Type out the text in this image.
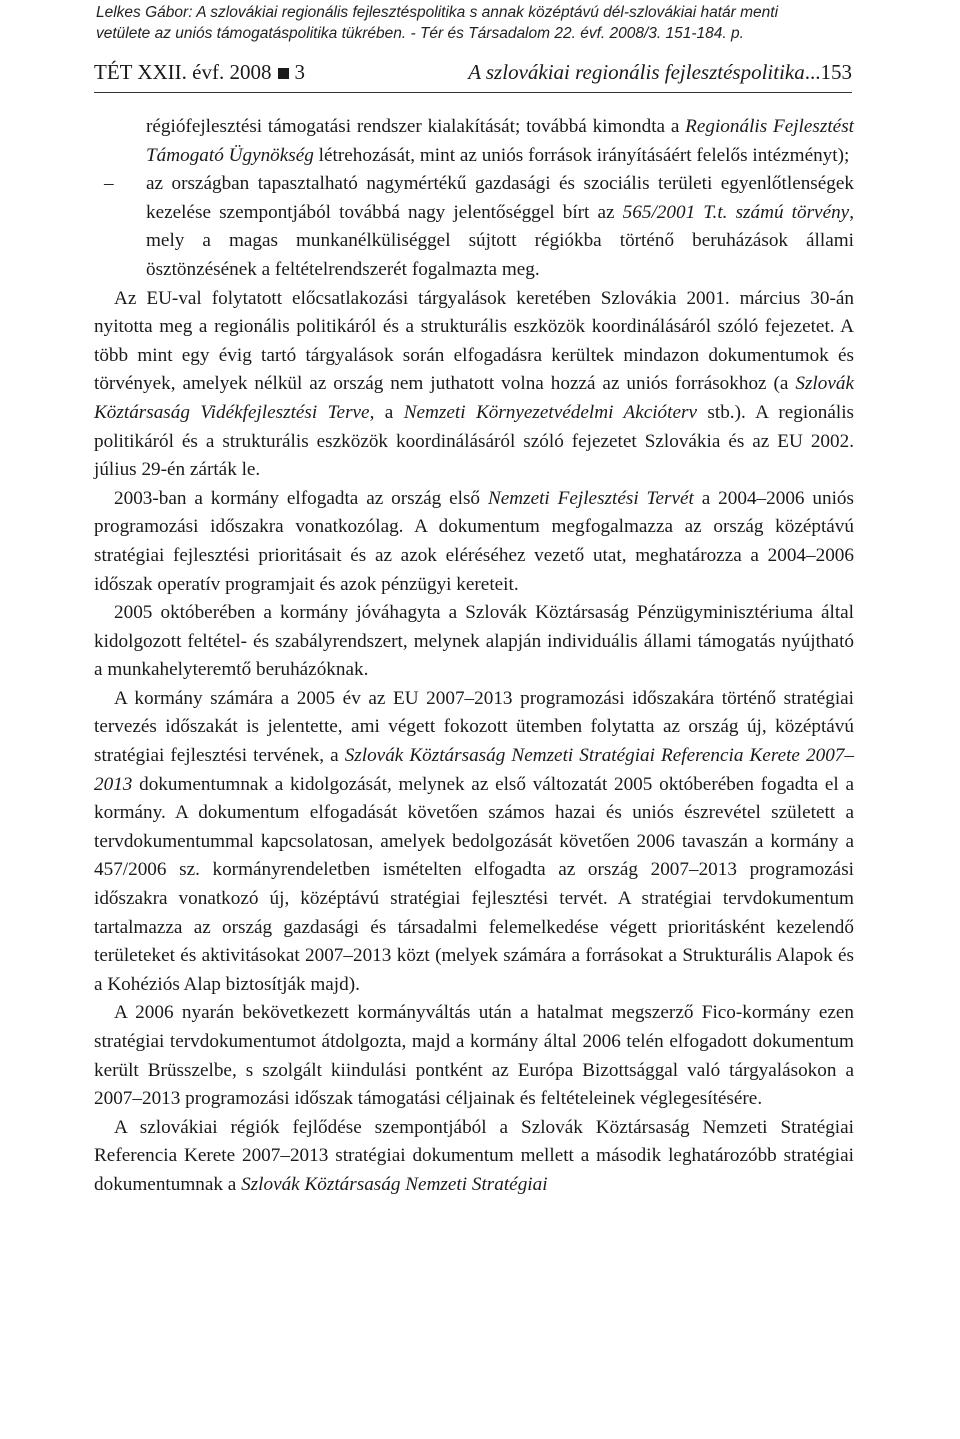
Lelkes Gábor: A szlovákiai regionális fejlesztéspolitika s annak középtávú dél-szlovákiai határ menti
vetülete az uniós támogatáspolitika tükrében. - Tér és Társadalom 22. évf. 2008/3. 151-184. p.
TÉT XXII. évf. 2008 3	A szlovákiai regionális fejlesztéspolitika...153

régiófejlesztési támogatási rendszer kialakítását; továbbá kimondta a Regionális Fejlesztést Támogató Ügynökség létrehozását, mint az uniós források irányításáért felelős intézményt);

– az országban tapasztalható nagymértékű gazdasági és szociális területi egyenlőtlenségek kezelése szempontjából továbbá nagy jelentőséggel bírt az 565/2001 T.t. számú törvény, mely a magas munkanélküliséggel sújtott régiókba történő beruházások állami ösztönzésének a feltételrendszerét fogalmazta meg.

Az EU-val folytatott előcsatlakozási tárgyalások keretében Szlovákia 2001. március 30-án nyitotta meg a regionális politikáról és a strukturális eszközök koordinálásáról szóló fejezetet. A több mint egy évig tartó tárgyalások során elfogadásra kerültek mindazon dokumentumok és törvények, amelyek nélkül az ország nem juthatott volna hozzá az uniós forrásokhoz (a Szlovák Köztársaság Vidékfejlesztési Terve, a Nemzeti Környezetvédelmi Akcióterv stb.). A regionális politikáról és a strukturális eszközök koordinálásáról szóló fejezetet Szlovákia és az EU 2002. július 29-én zárták le.

2003-ban a kormány elfogadta az ország első Nemzeti Fejlesztési Tervét a 2004–2006 uniós programozási időszakra vonatkozólag. A dokumentum megfogalmazza az ország középtávú stratégiai fejlesztési prioritásait és az azok eléréséhez vezető utat, meghatározza a 2004–2006 időszak operatív programjait és azok pénzügyi kereteit.

2005 októberében a kormány jóváhagyta a Szlovák Köztársaság Pénzügyminisztériuma által kidolgozott feltétel- és szabályrendszert, melynek alapján individuális állami támogatás nyújtható a munkahelyteremtő beruházóknak.

A kormány számára a 2005 év az EU 2007–2013 programozási időszakára történő stratégiai tervezés időszakát is jelentette, ami végett fokozott ütemben folytatta az ország új, középtávú stratégiai fejlesztési tervének, a Szlovák Köztársaság Nemzeti Stratégiai Referencia Kerete 2007–2013 dokumentumnak a kidolgozását, melynek az első változatát 2005 októberében fogadta el a kormány. A dokumentum elfogadását követően számos hazai és uniós észrevétel született a tervdokumentummal kapcsolatosan, amelyek bedolgozását követően 2006 tavaszán a kormány a 457/2006 sz. kormányrendeletben ismételten elfogadta az ország 2007–2013 programozási időszakra vonatkozó új, középtávú stratégiai fejlesztési tervét. A stratégiai tervdokumentum tartalmazza az ország gazdasági és társadalmi felemelkedése végett prioritásként kezelendő területeket és aktivitásokat 2007–2013 közt (melyek számára a forrásokat a Strukturális Alapok és a Kohéziós Alap biztosítják majd).

A 2006 nyarán bekövetkezett kormányváltás után a hatalmat megszerző Fico-kormány ezen stratégiai tervdokumentumot átdolgozta, majd a kormány által 2006 telén elfogadott dokumentum került Brüsszelbe, s szolgált kiindulási pontként az Európa Bizottsággal való tárgyalásokon a 2007–2013 programozási időszak támogatási céljainak és feltételeinek véglegesítésére.

A szlovákiai régiók fejlődése szempontjából a Szlovák Köztársaság Nemzeti Stratégiai Referencia Kerete 2007–2013 stratégiai dokumentum mellett a második leghatározóbb stratégiai dokumentumnak a Szlovák Köztársaság Nemzeti Stratégiai
